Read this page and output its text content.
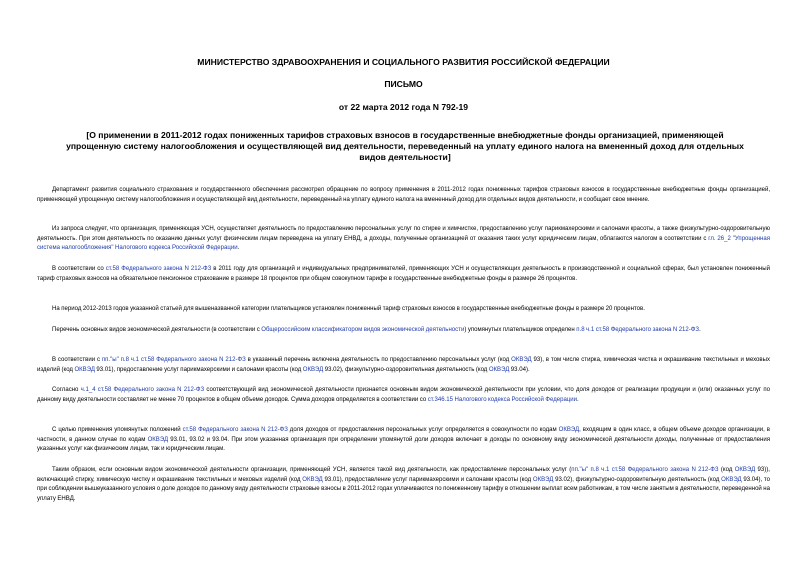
МИНИСТЕРСТВО ЗДРАВООХРАНЕНИЯ И СОЦИАЛЬНОГО РАЗВИТИЯ РОССИЙСКОЙ ФЕДЕРАЦИИ

ПИСЬМО

от 22 марта 2012 года N 792-19

[О применении в 2011-2012 годах пониженных тарифов страховых взносов в государственные внебюджетные фонды организацией, применяющей упрощенную систему налогообложения и осуществляющей вид деятельности, переведенный на уплату единого налога на вмененный доход для отдельных видов деятельности]

Департамент развития социального страхования и государственного обеспечения рассмотрел обращение по вопросу применения в 2011-2012 годах пониженных тарифов страховых взносов в государственные внебюджетные фонды организацией, применяющей упрощенную систему налогообложения и осуществляющей вид деятельности, переведенный на уплату единого налога на вмененный доход для отдельных видов деятельности, и сообщает свое мнение.

Из запроса следует, что организация, применяющая УСН, осуществляет деятельность по предоставлению персональных услуг по стирке и химчистке, предоставлению услуг парикмахерскими и салонами красоты, а также физкультурно-оздоровительную деятельность. При этом деятельность по оказанию данных услуг физическим лицам переведена на уплату ЕНВД, а доходы, полученные организацией от оказания таких услуг юридическим лицам, облагаются налогом в соответствии с гл. 26_2 "Упрощенная система налогообложения" Налогового кодекса Российской Федерации.

В соответствии со ст.58 Федерального закона N 212-ФЗ в 2011 году для организаций и индивидуальных предпринимателей, применяющих УСН и осуществляющих деятельность в производственной и социальной сферах, был установлен пониженный тариф страховых взносов на обязательное пенсионное страхование в размере 18 процентов при общем совокупном тарифе в государственные внебюджетные фонды в размере 26 процентов.

На период 2012-2013 годов указанной статьей для вышеназванной категории плательщиков установлен пониженный тариф страховых взносов в государственные внебюджетные фонды в размере 20 процентов.

Перечень основных видов экономической деятельности (в соответствии с Общероссийским классификатором видов экономической деятельности) упомянутых плательщиков определен п.8 ч.1 ст.58 Федерального закона N 212-ФЗ.

В соответствии с пп."ы" п.8 ч.1 ст.58 Федерального закона N 212-ФЗ в указанный перечень включена деятельность по предоставлению персональных услуг (код ОКВЭД 93), в том числе стирка, химическая чистка и окрашивание текстильных и меховых изделий (код ОКВЭД 93.01), предоставление услуг парикмахерскими и салонами красоты (код ОКВЭД 93.02), физкультурно-оздоровительная деятельность (код ОКВЭД 93.04).

Согласно ч.1_4 ст.58 Федерального закона N 212-ФЗ соответствующий вид экономической деятельности признается основным видом экономической деятельности при условии, что доля доходов от реализации продукции и (или) оказанных услуг по данному виду деятельности составляет не менее 70 процентов в общем объеме доходов. Сумма доходов определяется в соответствии со ст.346.15 Налогового кодекса Российской Федерации.

С целью применения упомянутых положений ст.58 Федерального закона N 212-ФЗ доля доходов от предоставления персональных услуг определяется в совокупности по кодам ОКВЭД, входящим в один класс, в общем объеме доходов организации, в частности, в данном случае по кодам ОКВЭД 93.01, 93.02 и 93.04. При этом указанная организация при определении упомянутой доли доходов включает в доходы по основному виду экономической деятельности доходы, полученные от предоставления указанных услуг как физическим лицам, так и юридическим лицам.

Таким образом, если основным видом экономической деятельности организации, применяющей УСН, является такой вид деятельности, как предоставление персональных услуг (пп."ы" п.8 ч.1 ст.58 Федерального закона N 212-ФЗ (код ОКВЭД 93)), включающий стирку, химическую чистку и окрашивание текстильных и меховых изделий (код ОКВЭД 93.01), предоставление услуг парикмахерскими и салонами красоты (код ОКВЭД 93.02), физкультурно-оздоровительную деятельность (код ОКВЭД 93.04), то при соблюдении вышеуказанного условия о доле доходов по данному виду деятельности страховые взносы в 2011-2012 годах уплачиваются по пониженному тарифу в отношении выплат всем работникам, в том числе занятым в деятельности, переведенной на уплату ЕНВД.
